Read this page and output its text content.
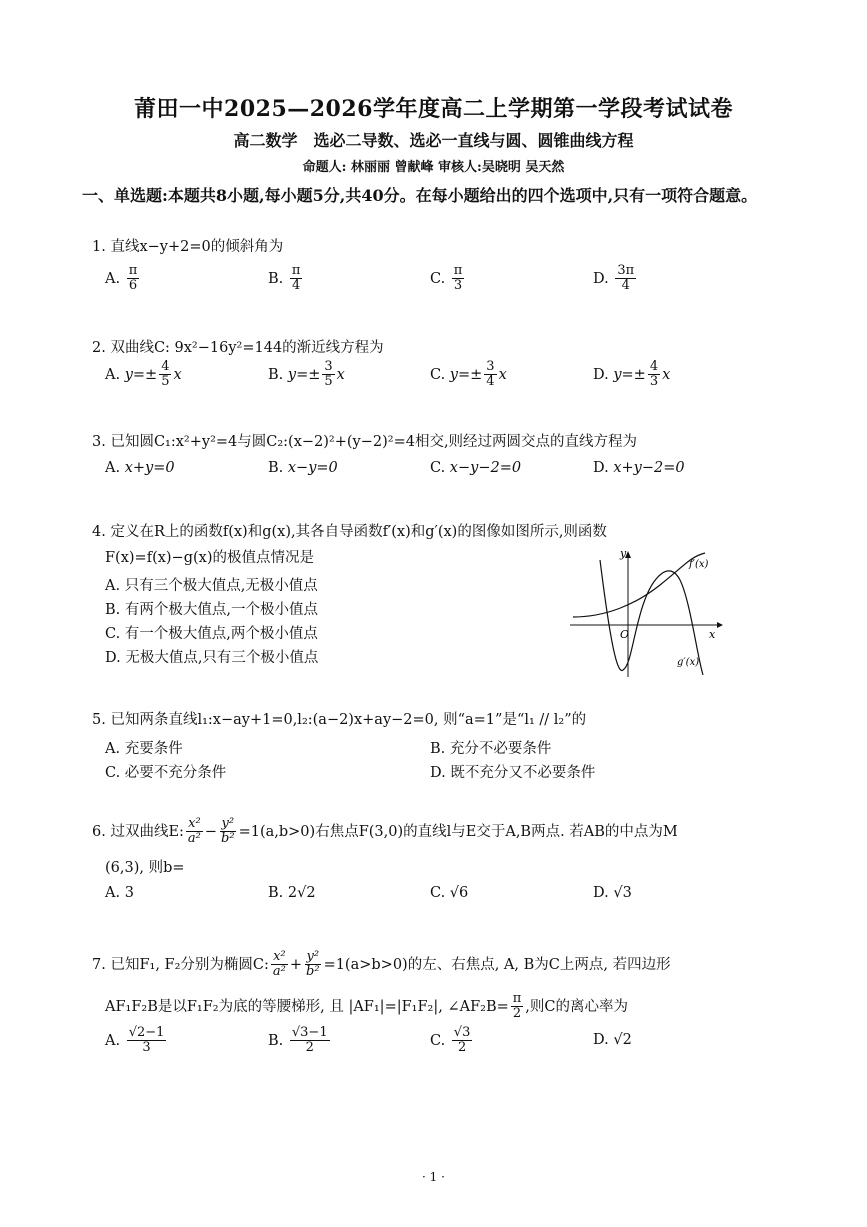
莆田一中2025—2026学年度高二上学期第一学段考试试卷
高二数学　选必二导数、选必一直线与圆、圆锥曲线方程
命题人: 林丽丽 曾献峰 审核人:吴晓明 吴天然
一、单选题:本题共8小题,每小题5分,共40分。在每小题给出的四个选项中,只有一项符合题意。
1. 直线x−y+2=0的倾斜角为
A. $\frac{\pi}{6}$	B. $\frac{\pi}{4}$	C. $\frac{\pi}{3}$	D. $\frac{3\pi}{4}$
2. 双曲线C: 9x²−16y²=144的渐近线方程为
A. $y=\pm \frac{4}{5}$ x	B. $y=\pm \frac{3}{5}$ x	C. $y=\pm \frac{3}{4}$ x	D. $y=\pm \frac{4}{3}$ x
3. 已知圆C₁:x²+y²=4与圆C₂:(x−2)²+(y−2)²=4相交,则经过两圆交点的直线方程为
A. x+y=0	B. x−y=0	C. x−y−2=0	D. x+y−2=0
4. 定义在R上的函数f(x)和g(x),其各自导函数f′(x)和g′(x)的图像如图所示,则函数
F(x)=f(x)−g(x)的极值点情况是
A. 只有三个极大值点,无极小值点
B. 有两个极大值点,一个极小值点
C. 有一个极大值点,两个极小值点
D. 无极大值点,只有三个极小值点
y
x
O
f′(x)
g′(x)
5. 已知两条直线l₁:x−ay+1=0,l₂:(a−2)x+ay−2=0, 则“a=1”是“l₁ // l₂”的
A. 充要条件	B. 充分不必要条件
C. 必要不充分条件	D. 既不充分又不必要条件
6. 过双曲线E: $\frac{\text{x²}}{\text{a²}} - \frac{\text{y²}}{\text{b²}} =1(a,b>0)$右焦点F(3,0)的直线l与E交于A,B两点. 若AB的中点为M
(6,3), 则b=
A. 3	B. 2√2	C. √6	D. √3
7. 已知F₁, F₂分别为椭圆C: $\frac{\text{x²}}{\text{a²}} + \frac{\text{y²}}{\text{b²}} =1(a>b>0)$的左、右焦点, A, B为C上两点, 若四边形
AF₁F₂B是以F₁F₂为底的等腰梯形, 且 |AF₁|=|F₁F₂|, ∠AF₂B= $\frac{\pi}{2}$ ,则C的离心率为
A. $\frac{√2-1}{3}$	B. $\frac{√3-1}{2}$	C. $\frac{√3}{2}$	D. √2
· 1 ·
